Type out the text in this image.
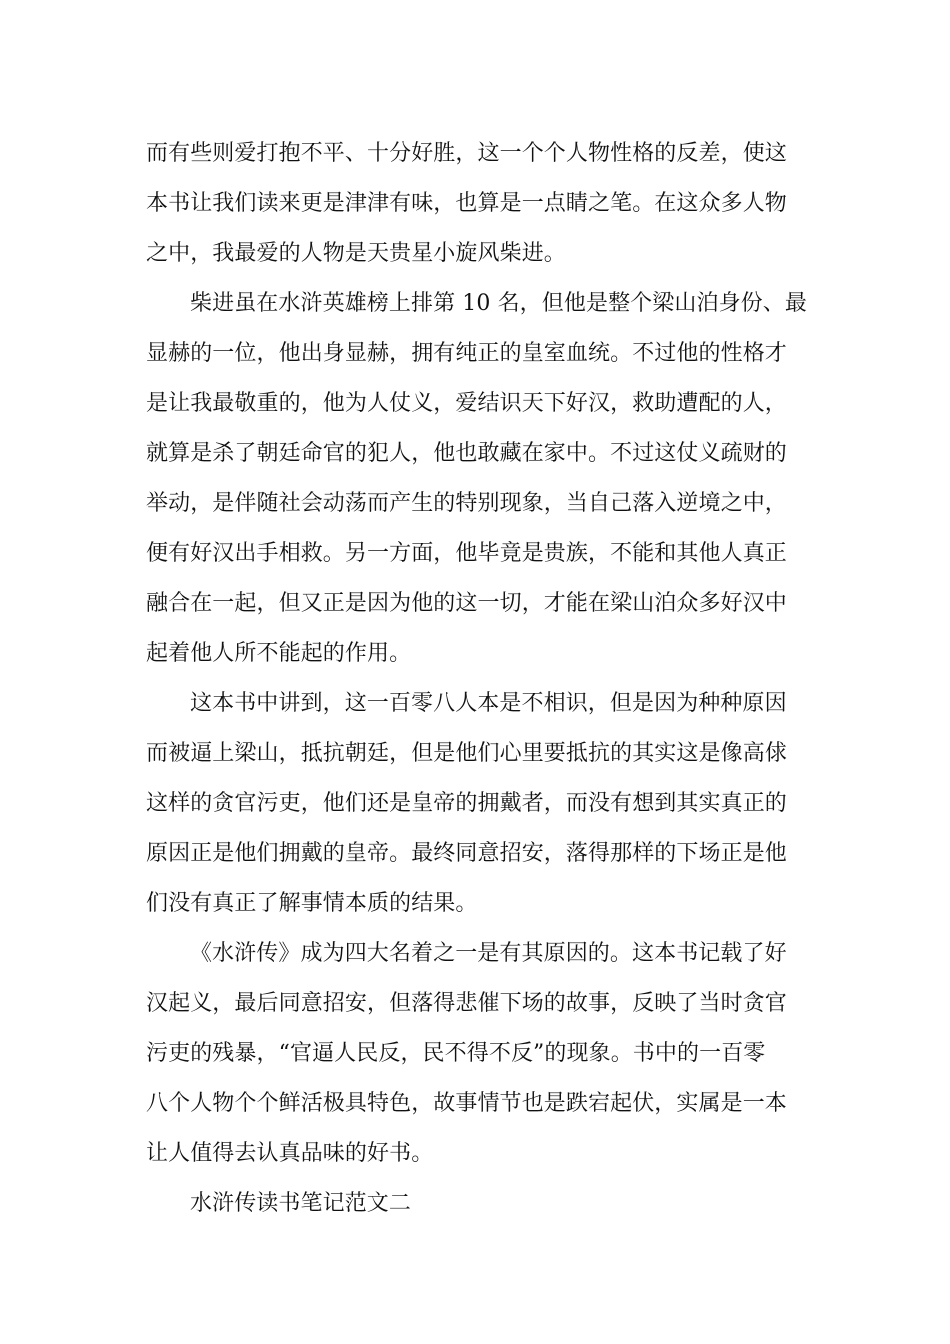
而有些则爱打抱不平、十分好胜，这一个个人物性格的反差，使这
本书让我们读来更是津津有味，也算是一点睛之笔。在这众多人物
之中，我最爱的人物是天贵星小旋风柴进。
柴进虽在水浒英雄榜上排第 10 名，但他是整个梁山泊身份、最
显赫的一位，他出身显赫，拥有纯正的皇室血统。不过他的性格才
是让我最敬重的，他为人仗义，爱结识天下好汉，救助遭配的人，
就算是杀了朝廷命官的犯人，他也敢藏在家中。不过这仗义疏财的
举动，是伴随社会动荡而产生的特别现象，当自己落入逆境之中，
便有好汉出手相救。另一方面，他毕竟是贵族，不能和其他人真正
融合在一起，但又正是因为他的这一切，才能在梁山泊众多好汉中
起着他人所不能起的作用。
这本书中讲到，这一百零八人本是不相识，但是因为种种原因
而被逼上梁山，抵抗朝廷，但是他们心里要抵抗的其实这是像高俅
这样的贪官污吏，他们还是皇帝的拥戴者，而没有想到其实真正的
原因正是他们拥戴的皇帝。最终同意招安，落得那样的下场正是他
们没有真正了解事情本质的结果。
《水浒传》成为四大名着之一是有其原因的。这本书记载了好
汉起义，最后同意招安，但落得悲催下场的故事，反映了当时贪官
污吏的残暴，“官逼人民反，民不得不反”的现象。书中的一百零
八个人物个个鲜活极具特色，故事情节也是跌宕起伏，实属是一本
让人值得去认真品味的好书。
水浒传读书笔记范文二
